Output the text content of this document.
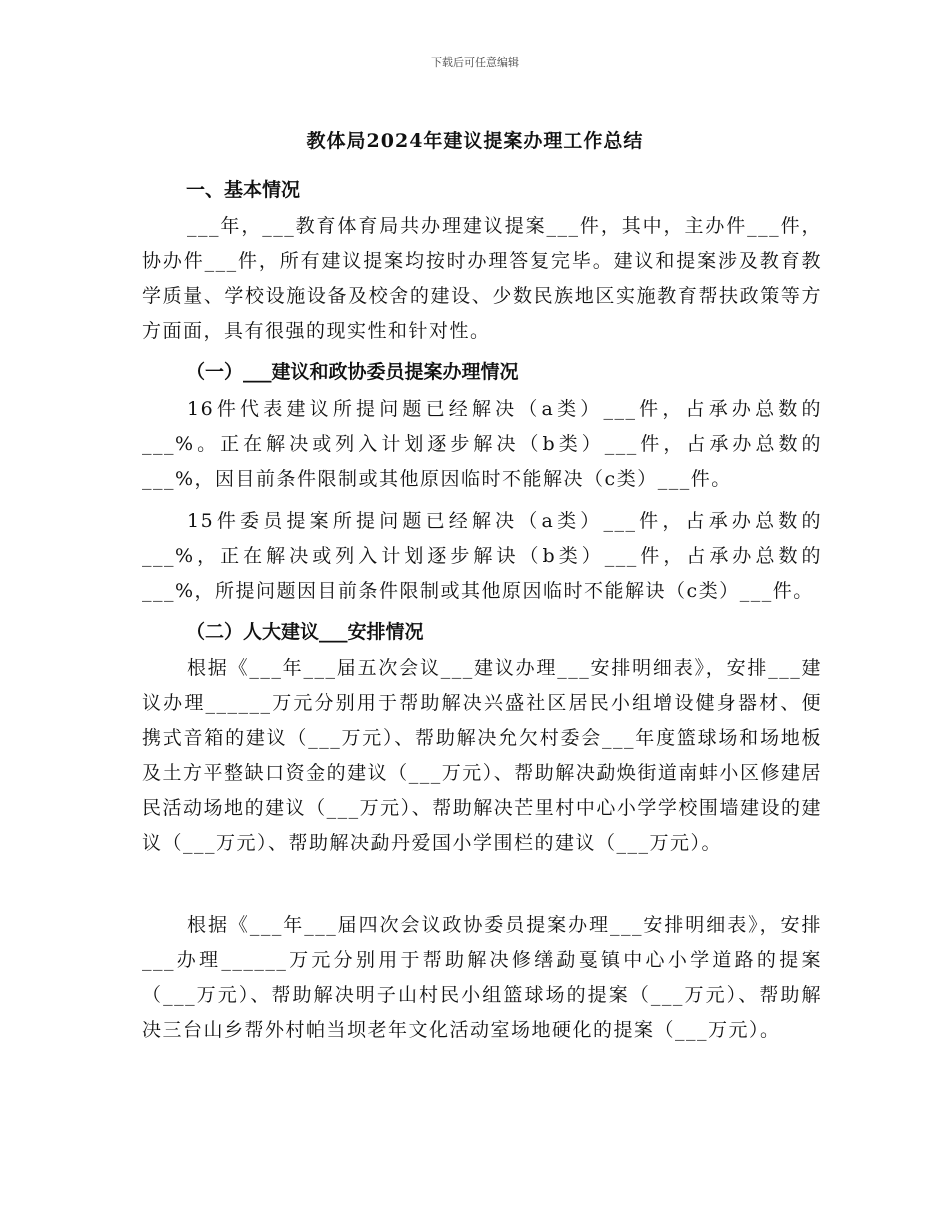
下载后可任意编辑
教体局2024年建议提案办理工作总结
一、基本情况

___年，___教育体育局共办理建议提案___件，其中，主办件___件，协办件___件，所有建议提案均按时办理答复完毕。建议和提案涉及教育教学质量、学校设施设备及校舍的建设、少数民族地区实施教育帮扶政策等方方面面，具有很强的现实性和针对性。

（一）___建议和政协委员提案办理情况

16件代表建议所提问题已经解决（a类）___件，占承办总数的___%。正在解决或列入计划逐步解决（b类）___件，占承办总数的___%，因目前条件限制或其他原因临时不能解决（c类）___件。

15件委员提案所提问题已经解决（a类）___件，占承办总数的___%，正在解决或列入计划逐步解诀（b类）___件，占承办总数的___%，所提问题因目前条件限制或其他原因临时不能解诀（c类）___件。

（二）人大建议___安排情况

根据《___年___届五次会议___建议办理___安排明细表》，安排___建议办理______万元分别用于帮助解决兴盛社区居民小组增设健身器材、便携式音箱的建议（___万元）、帮助解决允欠村委会___年度篮球场和场地板及土方平整缺口资金的建议（___万元）、帮助解决勐焕街道南蚌小区修建居民活动场地的建议（___万元）、帮助解决芒里村中心小学学校围墙建设的建议（___万元）、帮助解决勐丹爱国小学围栏的建议（___万元）。

根据《___年___届四次会议政协委员提案办理___安排明细表》，安排___办理______万元分别用于帮助解决修缮勐戛镇中心小学道路的提案（___万元）、帮助解决明子山村民小组篮球场的提案（___万元）、帮助解决三台山乡帮外村帕当坝老年文化活动室场地硬化的提案（___万元）。
